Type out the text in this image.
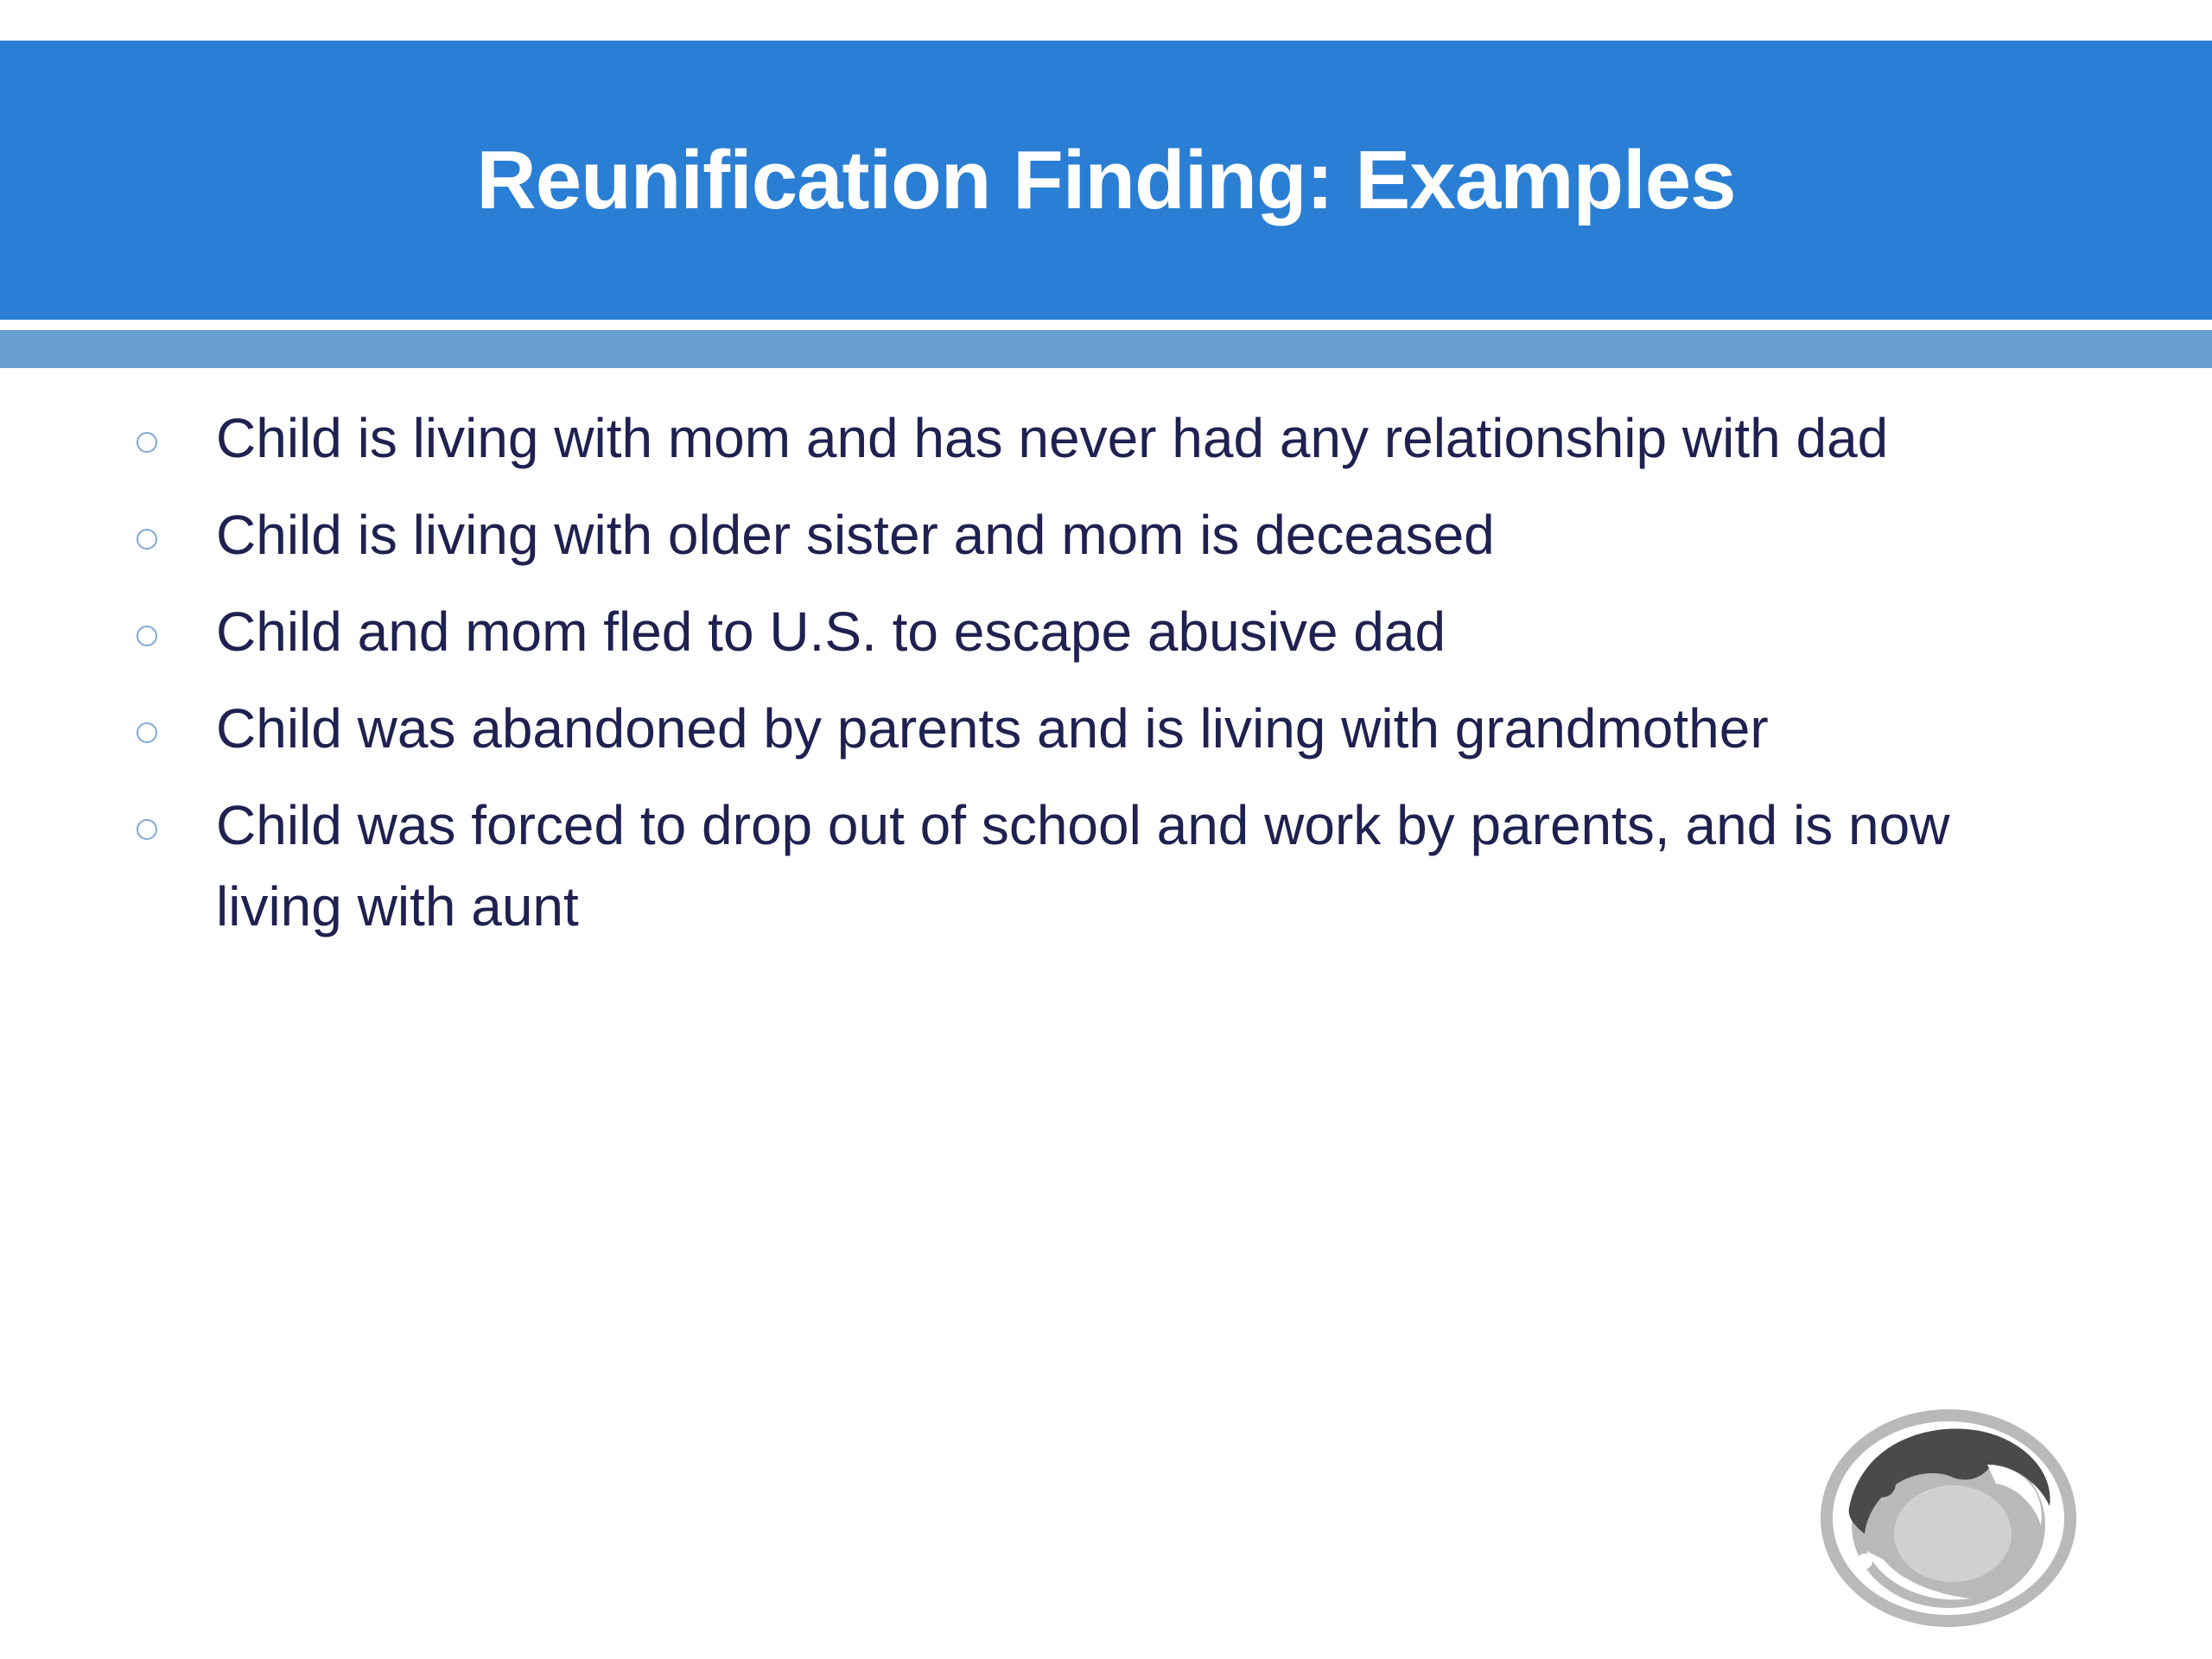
Reunification Finding: Examples
Child is living with mom and has never had any relationship with dad
Child is living with older sister and mom is deceased
Child and mom fled to U.S. to escape abusive dad
Child was abandoned by parents and is living with grandmother
Child was forced to drop out of school and work by parents, and is now living with aunt
